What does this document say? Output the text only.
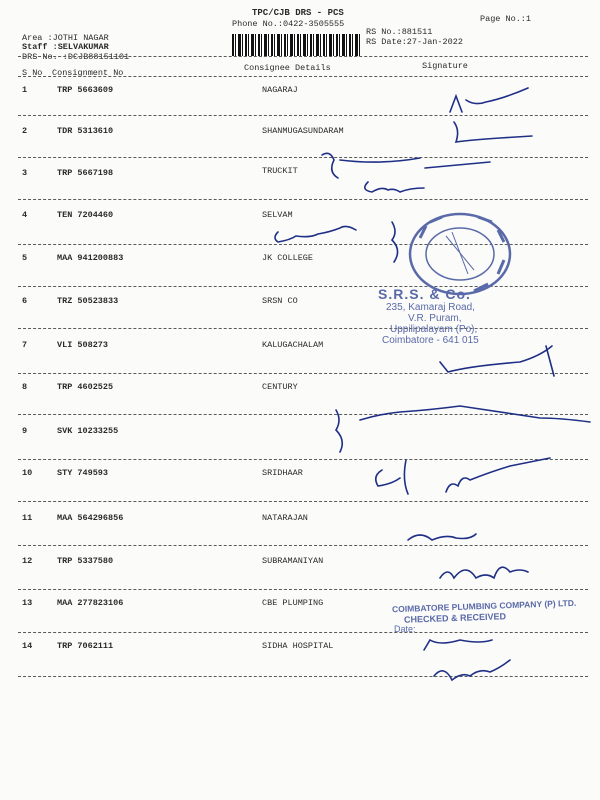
TPC/CJB DRS - PCS
Phone No.:0422-3505555	Page No.:1
Area :JOTHI NAGAR
Staff :SELVAKUMAR
DRS No. :DCJB88151101
RS No.:881511
RS Date:27-Jan-2022
S No Consignment No	Consignee Details	Signature
1	TRP 5663609	NAGARAJ
2	TDR 5313610	SHANMUGASUNDARAM
3	TRP 5667198	TRUCKIT
4	TEN 7204460	SELVAM
5	MAA 941200883	JK COLLEGE
6	TRZ 50523833	SRSN CO
7	VLI 508273	KALUGACHALAM
8	TRP 4602525	CENTURY
9	SVK 10233255
10	STY 749593	SRIDHAAR
11	MAA 564296856	NATARAJAN
12	TRP 5337580	SUBRAMANIYAN
13	MAA 277823106	CBE PLUMPING
14	TRP 7062111	SIDHA HOSPITAL
S.R.S. & Co.
235, Kamaraj Road,
V.R. Puram,
Uppilipalayam (Po),
Coimbatore - 641 015
COIMBATORE PLUMBING COMPANY (P) LTD.
CHECKED & RECEIVED
Date:
